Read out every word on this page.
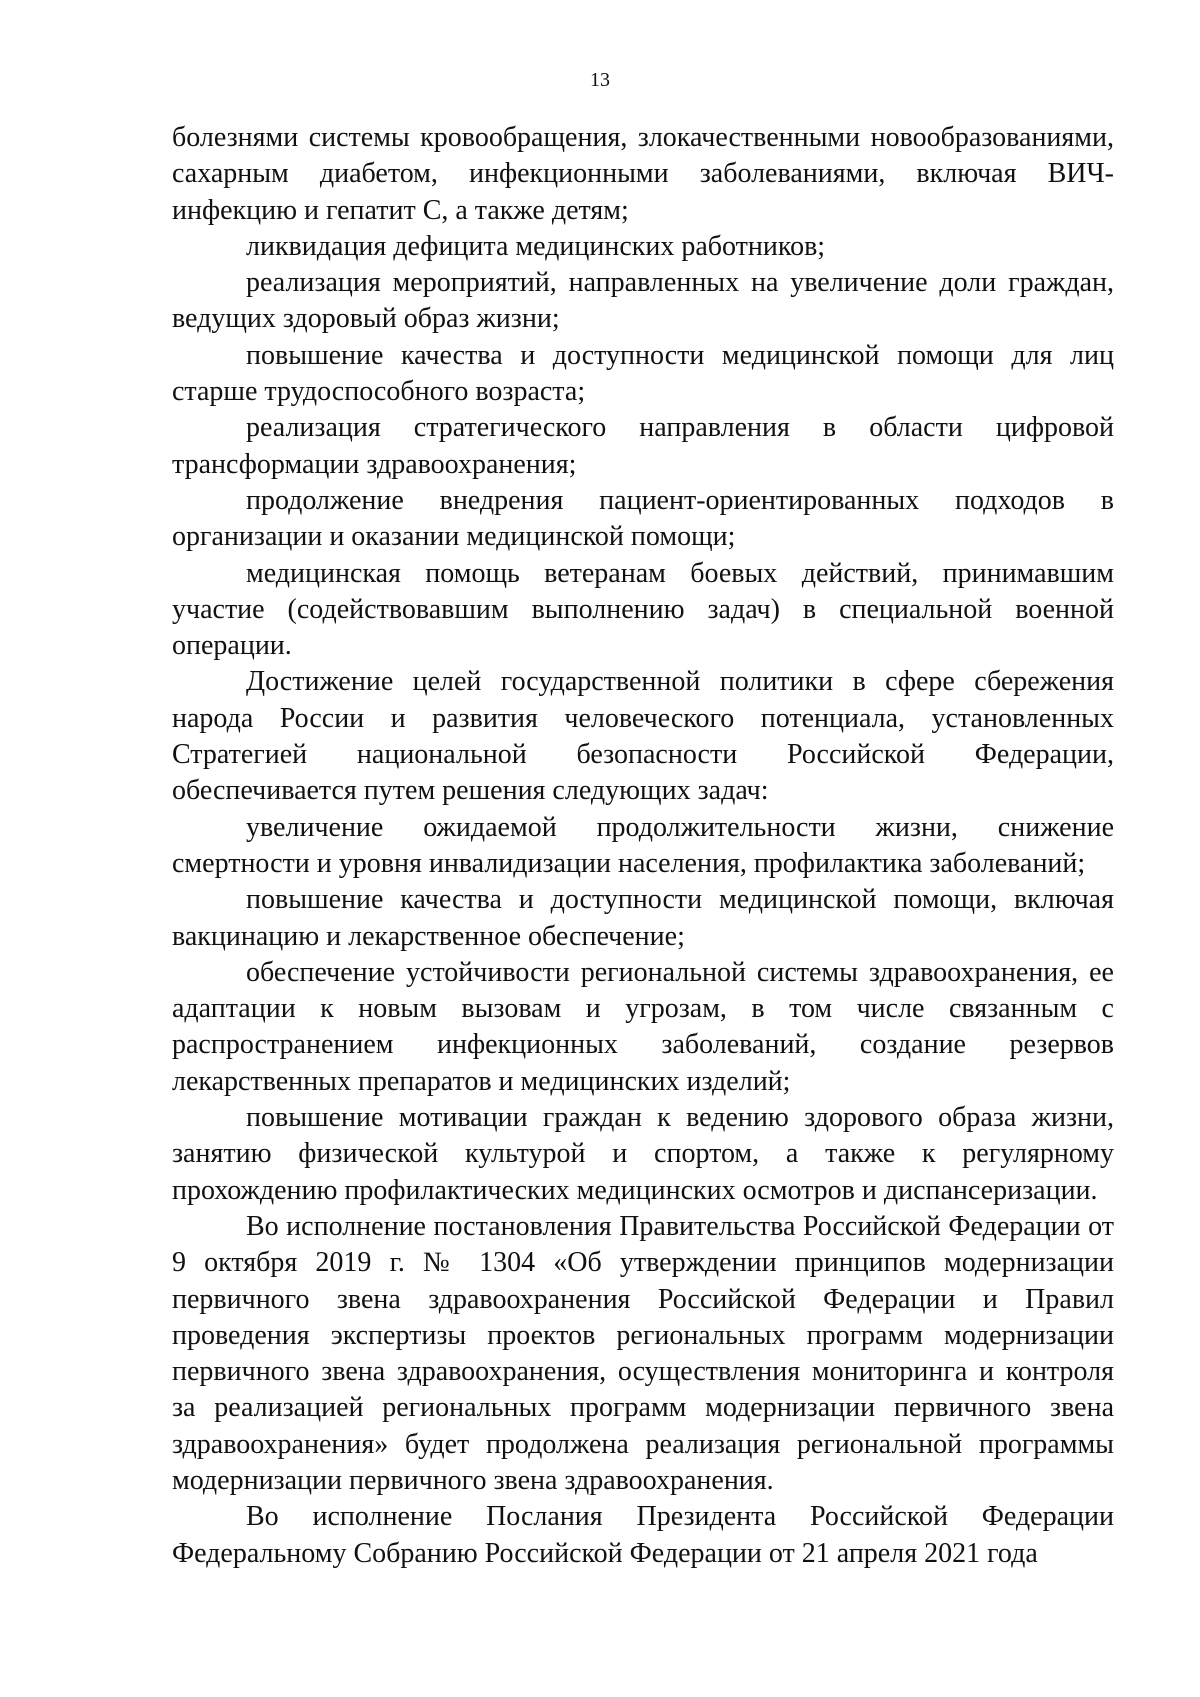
13

болезнями системы кровообращения, злокачественными новообразованиями, сахарным диабетом, инфекционными заболеваниями, включая ВИЧ-инфекцию и гепатит С, а также детям;

ликвидация дефицита медицинских работников;

реализация мероприятий, направленных на увеличение доли граждан, ведущих здоровый образ жизни;

повышение качества и доступности медицинской помощи для лиц старше трудоспособного возраста;

реализация стратегического направления в области цифровой трансформации здравоохранения;

продолжение внедрения пациент-ориентированных подходов в организации и оказании медицинской помощи;

медицинская помощь ветеранам боевых действий, принимавшим участие (содействовавшим выполнению задач) в специальной военной операции.

Достижение целей государственной политики в сфере сбережения народа России и развития человеческого потенциала, установленных Стратегией национальной безопасности Российской Федерации, обеспечивается путем решения следующих задач:

увеличение ожидаемой продолжительности жизни, снижение смертности и уровня инвалидизации населения, профилактика заболеваний;

повышение качества и доступности медицинской помощи, включая вакцинацию и лекарственное обеспечение;

обеспечение устойчивости региональной системы здравоохранения, ее адаптации к новым вызовам и угрозам, в том числе связанным с распространением инфекционных заболеваний, создание резервов лекарственных препаратов и медицинских изделий;

повышение мотивации граждан к ведению здорового образа жизни, занятию физической культурой и спортом, а также к регулярному прохождению профилактических медицинских осмотров и диспансеризации.

Во исполнение постановления Правительства Российской Федерации от 9 октября 2019 г. № 1304 «Об утверждении принципов модернизации первичного звена здравоохранения Российской Федерации и Правил проведения экспертизы проектов региональных программ модернизации первичного звена здравоохранения, осуществления мониторинга и контроля за реализацией региональных программ модернизации первичного звена здравоохранения» будет продолжена реализация региональной программы модернизации первичного звена здравоохранения.

Во исполнение Послания Президента Российской Федерации Федеральному Собранию Российской Федерации от 21 апреля 2021 года
